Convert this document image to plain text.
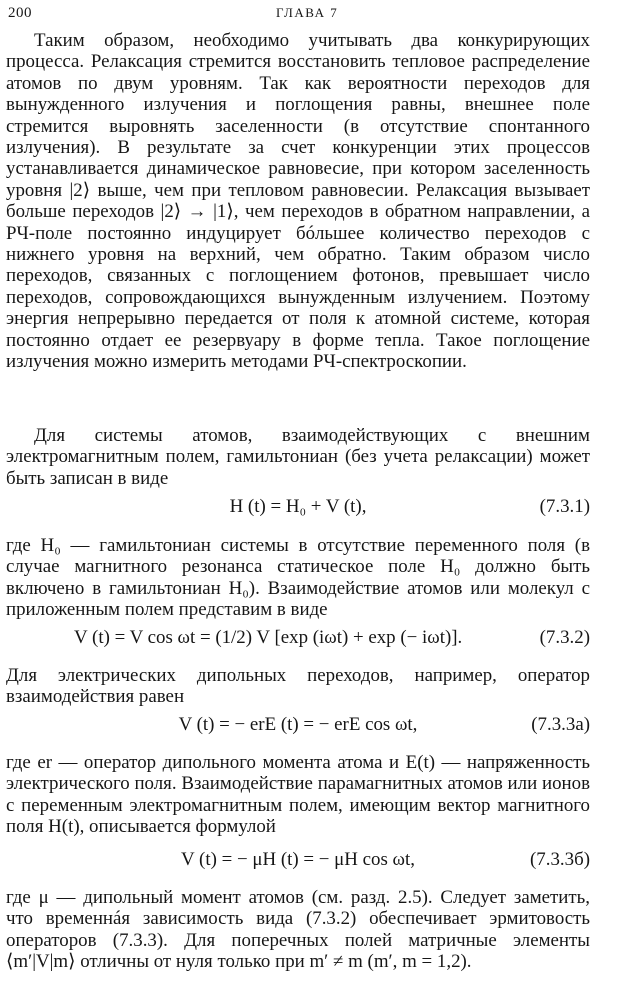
200	ГЛАВА 7

Таким образом, необходимо учитывать два конкурирующих процесса. Релаксация стремится восстановить тепловое распределение атомов по двум уровням. Так как вероятности переходов для вынужденного излучения и поглощения равны, внешнее поле стремится выровнять заселенности (в отсутствие спонтанного излучения). В результате за счет конкуренции этих процессов устанавливается динамическое равновесие, при котором заселенность уровня |2⟩ выше, чем при тепловом равновесии. Релаксация вызывает больше переходов |2⟩ → |1⟩, чем переходов в обратном направлении, а РЧ-поле постоянно индуцирует бóльшее количество переходов с нижнего уровня на верхний, чем обратно. Таким образом число переходов, связанных с поглощением фотонов, превышает число переходов, сопровождающихся вынужденным излучением. Поэтому энергия непрерывно передается от поля к атомной системе, которая постоянно отдает ее резервуару в форме тепла. Такое поглощение излучения можно измерить методами РЧ-спектроскопии.

Для системы атомов, взаимодействующих с внешним электромагнитным полем, гамильтониан (без учета релаксации) может быть записан в виде

H (t) = H₀ + V (t),	(7.3.1)

где H₀ — гамильтониан системы в отсутствие переменного поля (в случае магнитного резонанса статическое поле H₀ должно быть включено в гамильтониан H₀). Взаимодействие атомов или молекул с приложенным полем представим в виде

V (t) = V cos ωt = (1/2) V [exp (iωt) + exp (− iωt)].	(7.3.2)

Для электрических дипольных переходов, например, оператор взаимодействия равен

V (t) = − erE (t) = − erE cos ωt,	(7.3.3a)

где er — оператор дипольного момента атома и E(t) — напряженность электрического поля. Взаимодействие парамагнитных атомов или ионов с переменным электромагнитным полем, имеющим вектор магнитного поля H(t), описывается формулой

V (t) = − μH (t) = − μH cos ωt,	(7.3.3б)

где μ — дипольный момент атомов (см. разд. 2.5). Следует заметить, что временнáя зависимость вида (7.3.2) обеспечивает эрмитовость операторов (7.3.3). Для поперечных полей матричные элементы ⟨m′|V|m⟩ отличны от нуля только при m′ ≠ m (m′, m = 1,2).
